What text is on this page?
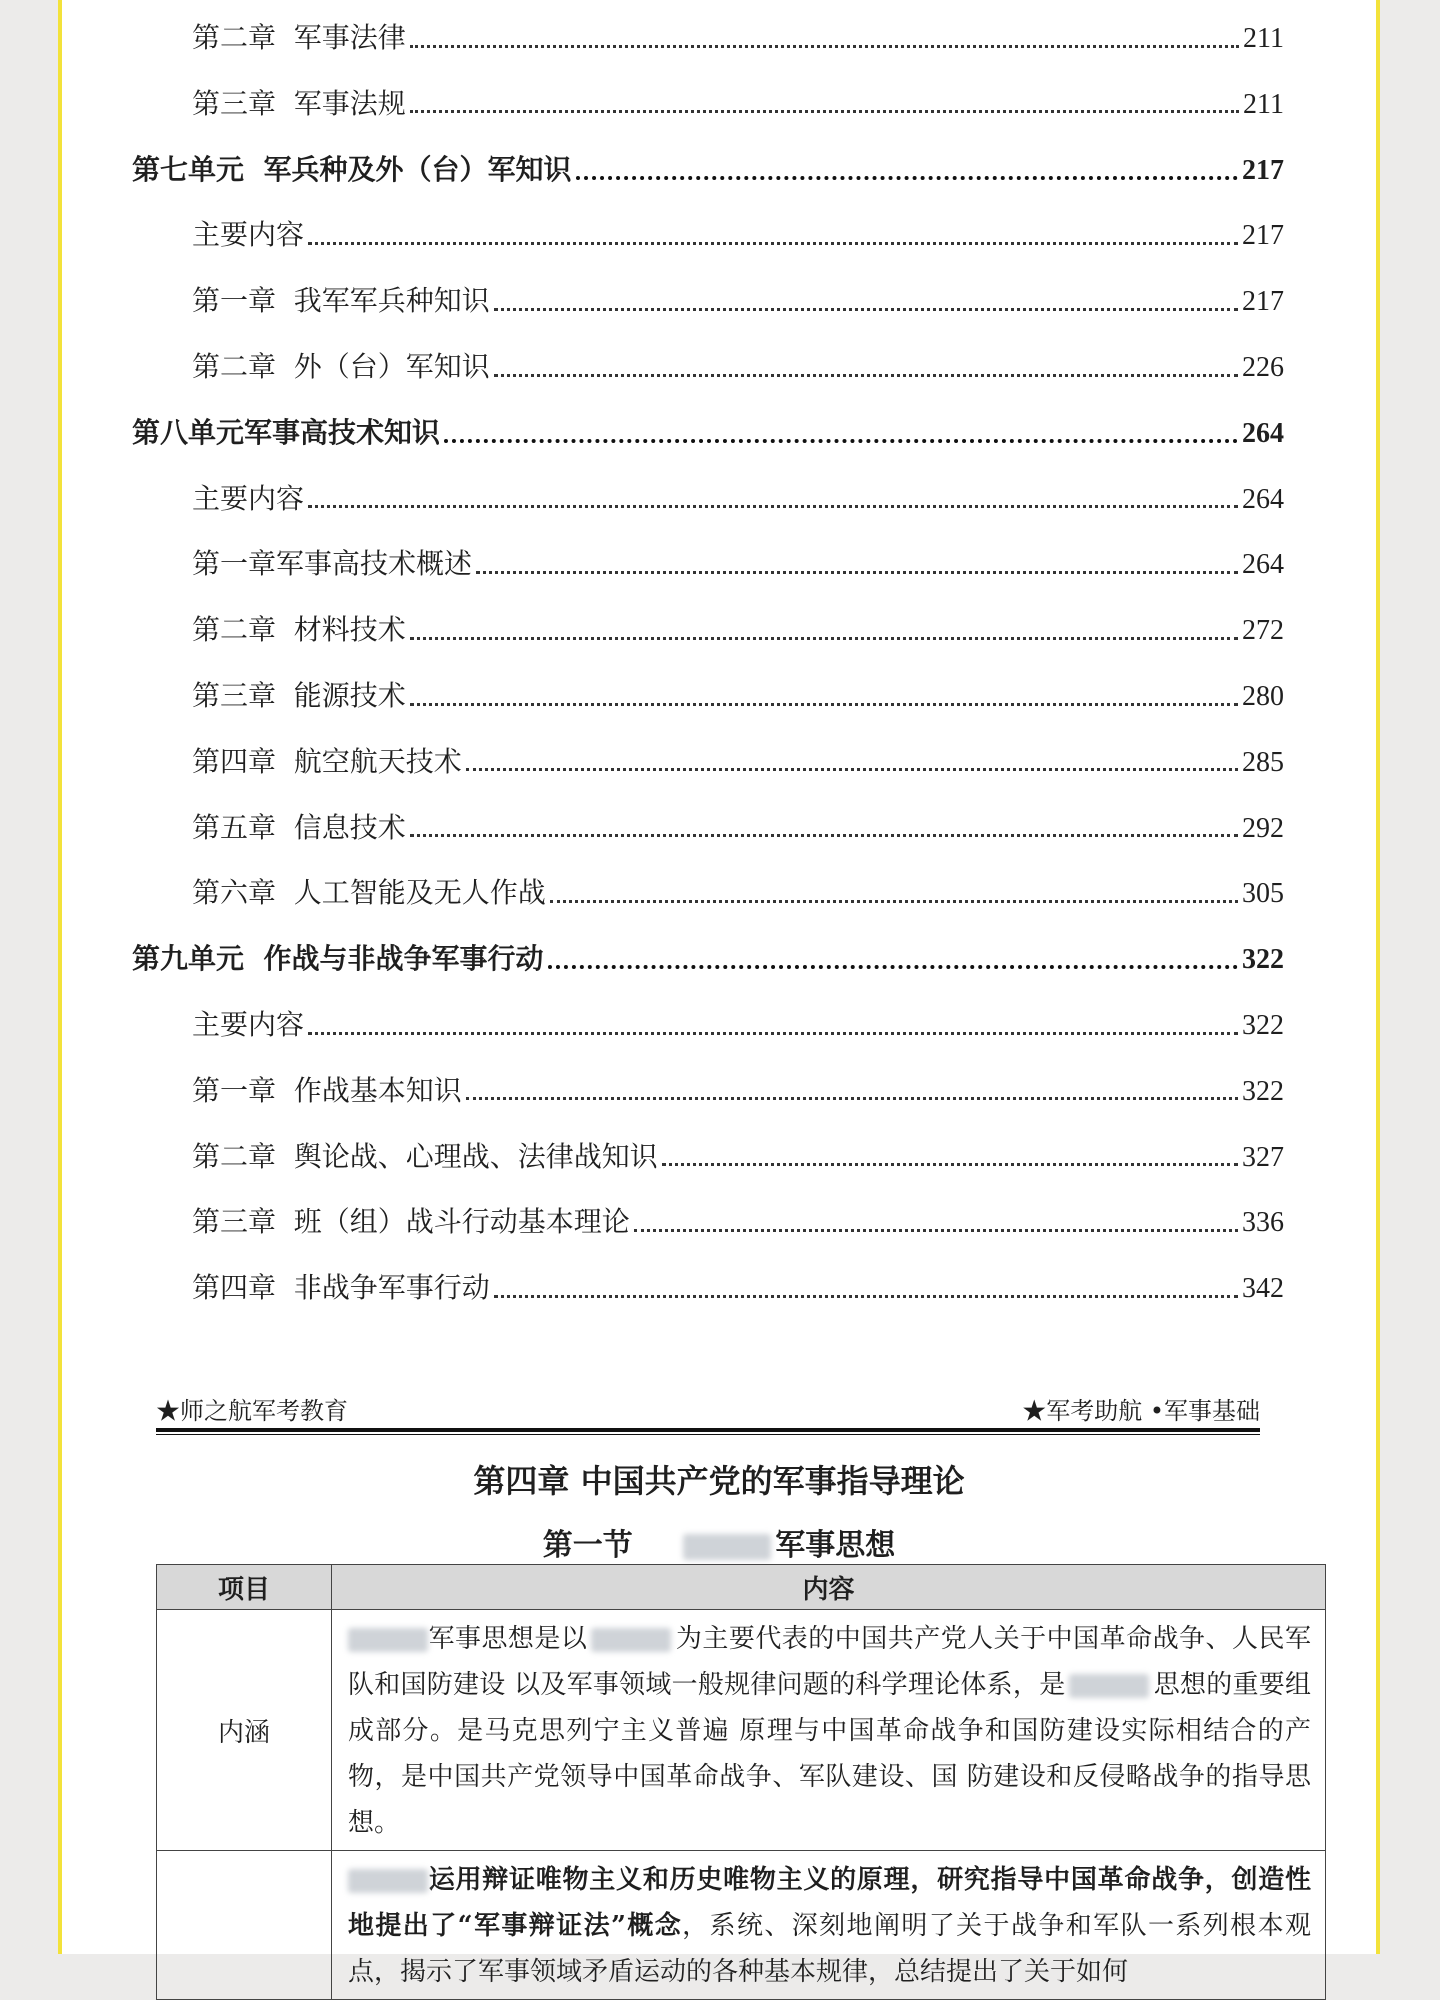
第二章  军事法律	211
第三章  军事法规	211
第七单元  军兵种及外（台）军知识	217
主要内容	217
第一章  我军军兵种知识	217
第二章  外（台）军知识	226
第八单元军事高技术知识	264
主要内容	264
第一章军事高技术概述	264
第二章  材料技术	272
第三章  能源技术	280
第四章  航空航天技术	285
第五章  信息技术	292
第六章  人工智能及无人作战	305
第九单元  作战与非战争军事行动	322
主要内容	322
第一章  作战基本知识	322
第二章  舆论战、心理战、法律战知识	327
第三章  班（组）战斗行动基本理论	336
第四章  非战争军事行动	342
★师之航军考教育	★军考助航 •军事基础
第四章 中国共产党的军事指导理论
第一节	军事思想
项目	内容
内涵	军事思想是以 为主要代表的中国共产党人关于中国革命战争、人民军队和国防建设 以及军事领域一般规律问题的科学理论体系，是 思想的重要组成部分。是马克思列宁主义普遍 原理与中国革命战争和国防建设实际相结合的产物，是中国共产党领导中国革命战争、军队建设、国 防建设和反侵略战争的指导思想。
	运用辩证唯物主义和历史唯物主义的原理，研究指导中国革命战争，创造性地提出了“军事辩证法”概念，系统、深刻地阐明了关于战争和军队一系列根本观点，揭示了军事领域矛盾运动的各种基本规律，总结提出了关于如何
